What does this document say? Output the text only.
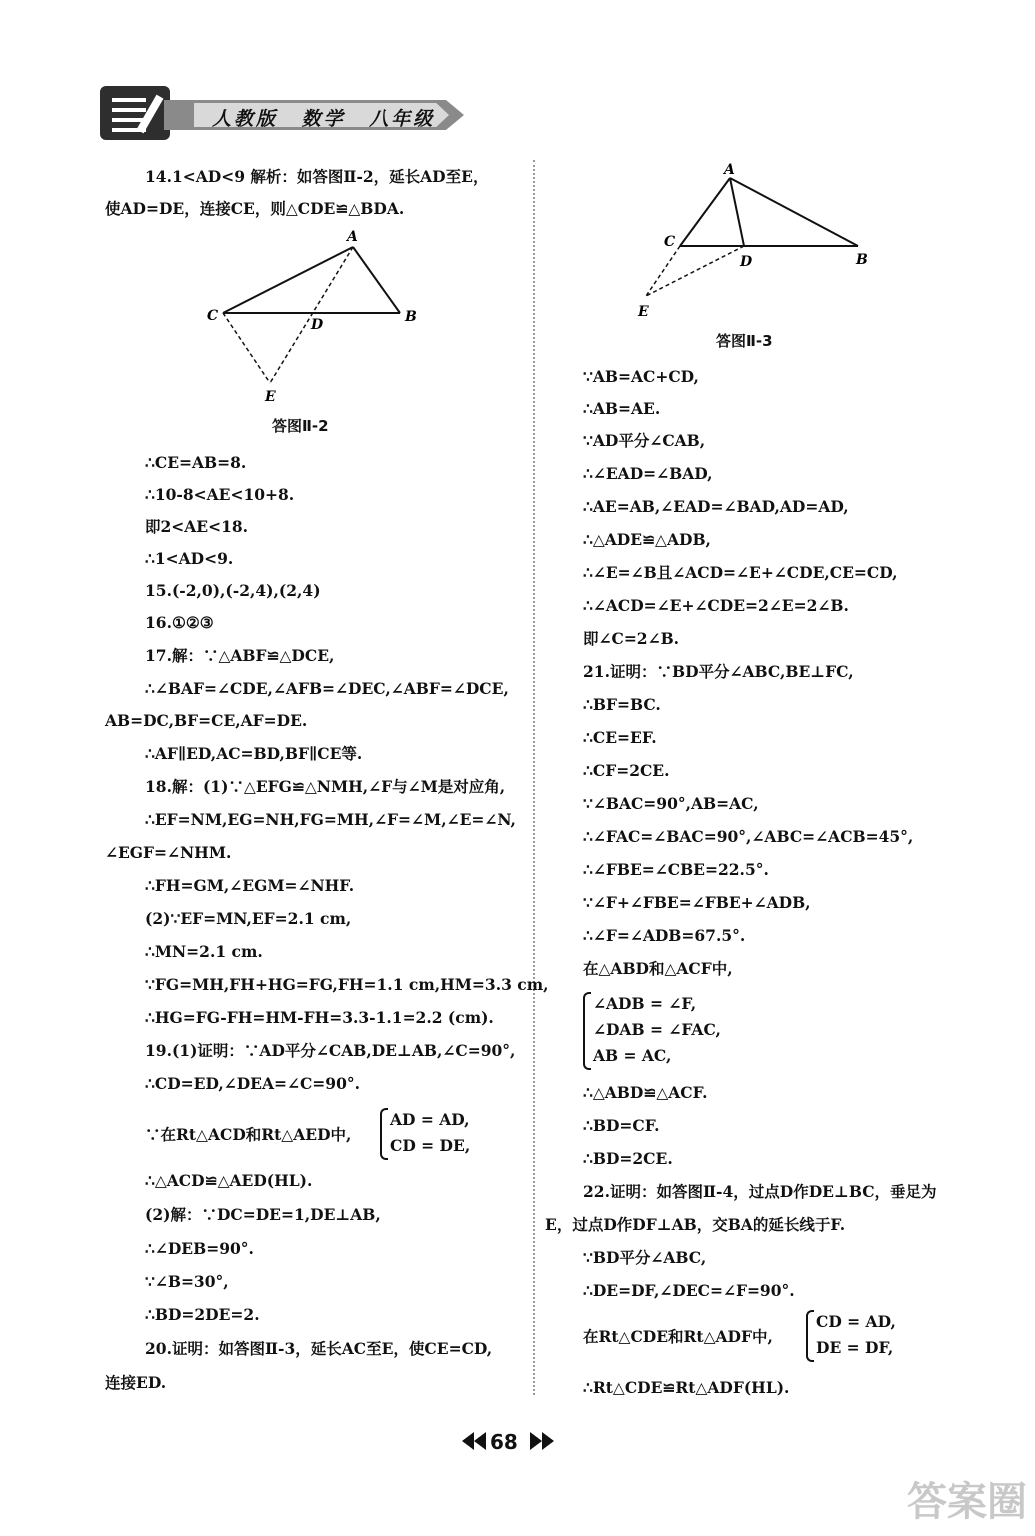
人教版 数学 八年级
14.1<AD<9 解析：如答图Ⅱ-2，延长AD至E，
使AD=DE，连接CE，则△CDE≌△BDA.
∴CE=AB=8.
∴10-8<AE<10+8.
即2<AE<18.
∴1<AD<9.
15.(-2,0),(-2,4),(2,4)
16.①②③
17.解：∵△ABF≌△DCE,
∴∠BAF=∠CDE,∠AFB=∠DEC,∠ABF=∠DCE,
AB=DC,BF=CE,AF=DE.
∴AF∥ED,AC=BD,BF∥CE等.
18.解：(1)∵△EFG≌△NMH,∠F与∠M是对应角,
∴EF=NM,EG=NH,FG=MH,∠F=∠M,∠E=∠N,
∠EGF=∠NHM.
∴FH=GM,∠EGM=∠NHF.
(2)∵EF=MN,EF=2.1 cm,
∴MN=2.1 cm.
∵FG=MH,FH+HG=FG,FH=1.1 cm,HM=3.3 cm,
∴HG=FG-FH=HM-FH=3.3-1.1=2.2 (cm).
19.(1)证明：∵AD平分∠CAB,DE⊥AB,∠C=90°,
∴CD=ED,∠DEA=∠C=90°.
∴△ACD≌△AED(HL).
(2)解：∵DC=DE=1,DE⊥AB,
∴∠DEB=90°.
∵∠B=30°,
∴BD=2DE=2.
20.证明：如答图Ⅱ-3，延长AC至E，使CE=CD,
连接ED.
A
C	B
D
E
答图Ⅱ-2
∵在Rt△ACD和Rt△AED中,
AD = AD,
CD = DE,
∵AB=AC+CD,
∴AB=AE.
∵AD平分∠CAB,
∴∠EAD=∠BAD,
∴AE=AB,∠EAD=∠BAD,AD=AD,
∴△ADE≌△ADB,
∴∠E=∠B且∠ACD=∠E+∠CDE,CE=CD,
∴∠ACD=∠E+∠CDE=2∠E=2∠B.
即∠C=2∠B.
21.证明：∵BD平分∠ABC,BE⊥FC,
∴BF=BC.
∴CE=EF.
∴CF=2CE.
∵∠BAC=90°,AB=AC,
∴∠FAC=∠BAC=90°,∠ABC=∠ACB=45°,
∴∠FBE=∠CBE=22.5°.
∵∠F+∠FBE=∠FBE+∠ADB,
∴∠F=∠ADB=67.5°.
在△ABD和△ACF中,
∴△ABD≌△ACF.
∴BD=CF.
∴BD=2CE.
22.证明：如答图Ⅱ-4，过点D作DE⊥BC，垂足为
E，过点D作DF⊥AB，交BA的延长线于F.
∵BD平分∠ABC,
∴DE=DF,∠DEC=∠F=90°.
∴Rt△CDE≌Rt△ADF(HL).
A
C
D	B
E
答图Ⅱ-3
∠ADB = ∠F,
∠DAB = ∠FAC,
AB = AC,
在Rt△CDE和Rt△ADF中,
CD = AD,
DE = DF,
68
答案圈
